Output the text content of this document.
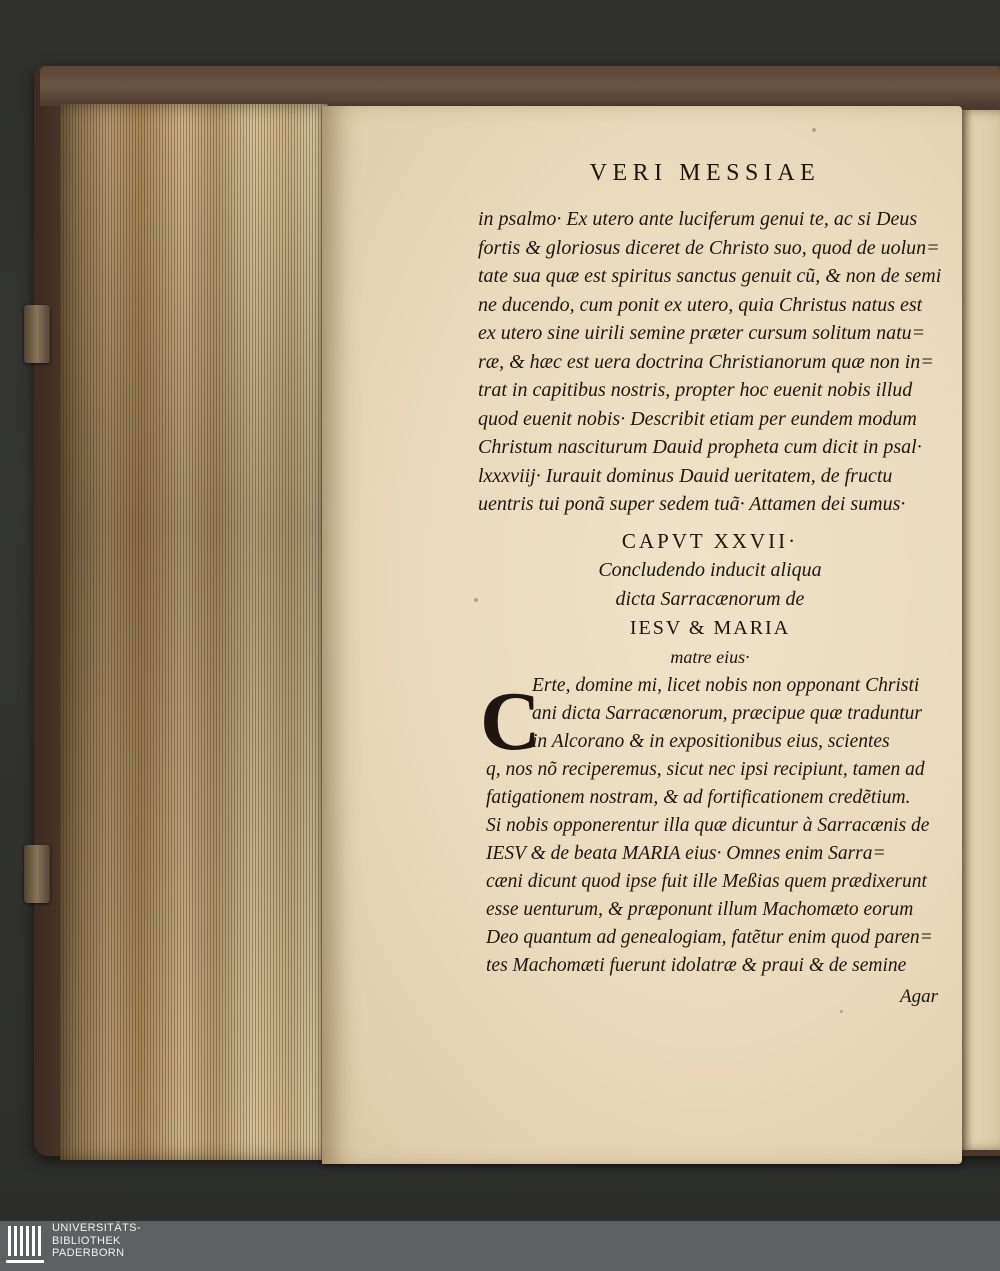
VERI MESSIAE
in psalmo· Ex utero ante luciferum genui te, ac si Deus
fortis & gloriosus diceret de Christo suo, quod de uolun=
tate sua quæ est spiritus sanctus genuit cũ, & non de semi
ne ducendo, cum ponit ex utero, quia Christus natus est
ex utero sine uirili semine præter cursum solitum natu=
ræ, & hæc est uera doctrina Christianorum quæ non in=
trat in capitibus nostris, propter hoc euenit nobis illud
quod euenit nobis· Describit etiam per eundem modum
Christum nasciturum Dauid propheta cum dicit in psal·
lxxxviij· Iurauit dominus Dauid ueritatem, de fructu
uentris tui ponã super sedem tuã· Attamen dei sumus·
CAPVT XXVII·
Concludendo inducit aliqua
dicta Sarracænorum de
IESV & MARIA
matre eius·
C
Erte, domine mi, licet nobis non opponant Christi
ani dicta Sarracænorum, præcipue quæ traduntur
in Alcorano & in expositionibus eius, scientes
q, nos nõ reciperemus, sicut nec ipsi recipiunt, tamen ad
fatigationem nostram, & ad fortificationem credẽtium.
Si nobis opponerentur illa quæ dicuntur à Sarracænis de
IESV & de beata MARIA eius· Omnes enim Sarra=
cæni dicunt quod ipse fuit ille Meßias quem prædixerunt
esse uenturum, & præponunt illum Machomæto eorum
Deo quantum ad genealogiam, fatẽtur enim quod paren=
tes Machomæti fuerunt idolatræ & praui & de semine
Agar
UNIVERSITÄTS-
BIBLIOTHEK
PADERBORN
